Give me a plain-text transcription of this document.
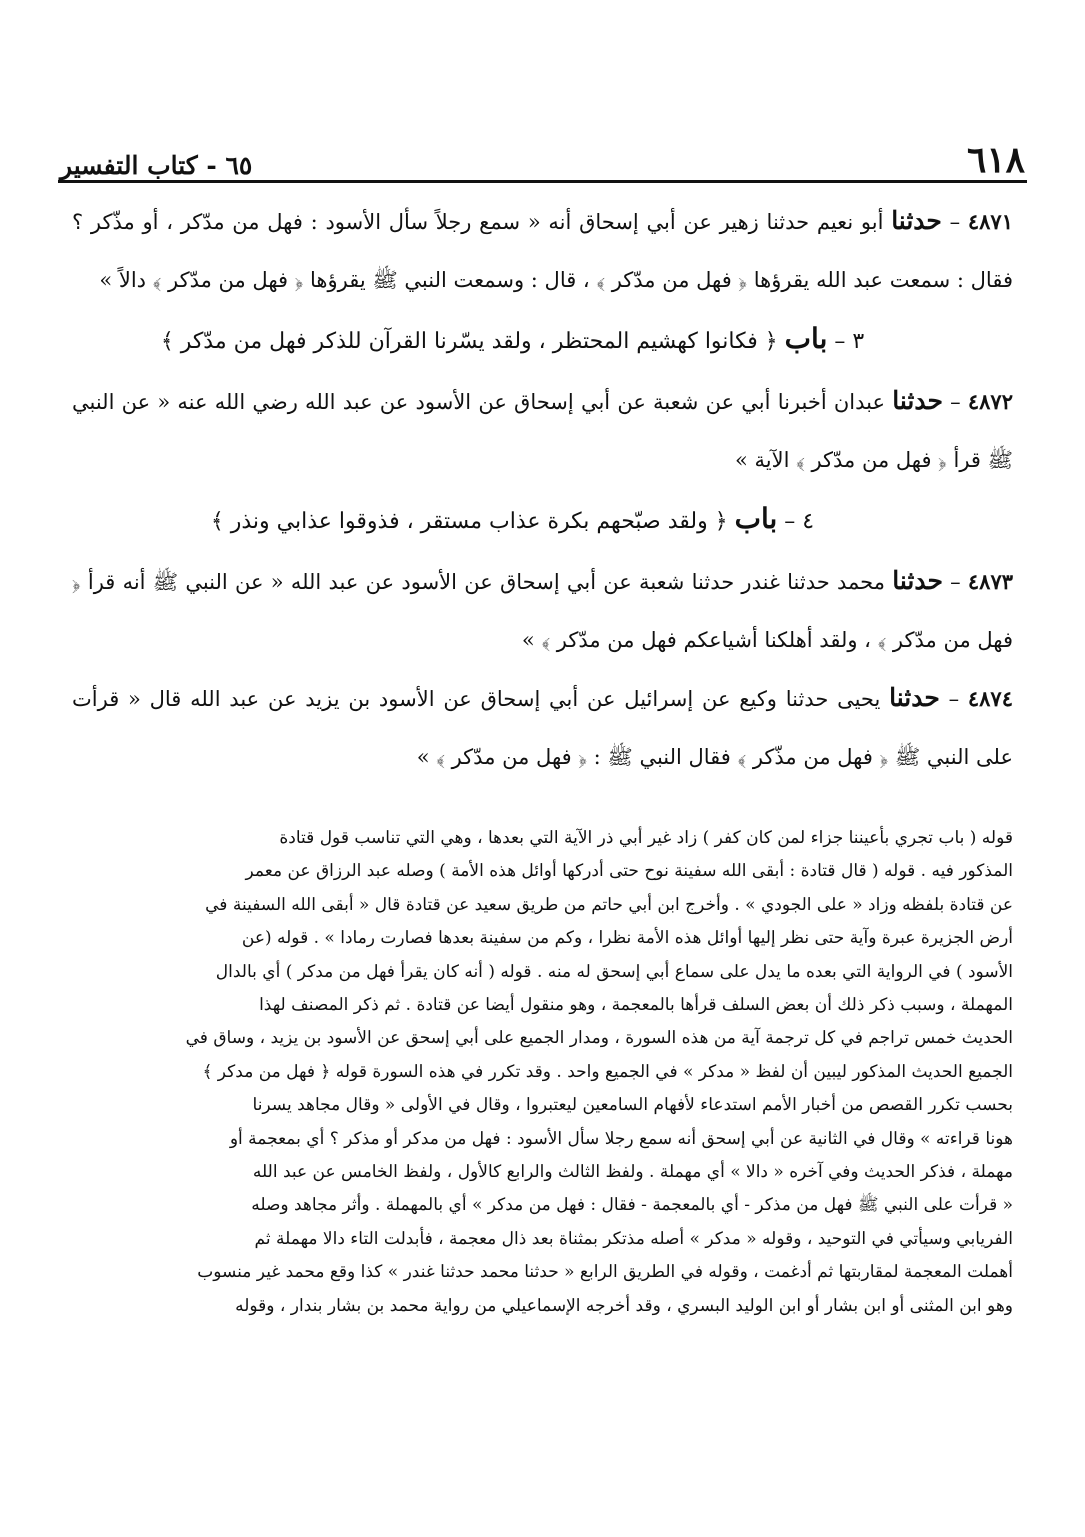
٦١٨
٦٥ - كتاب التفسير

٤٨٧١ – حدثنا أبو نعيم حدثنا زهير عن أبي إسحاق أنه « سمع رجلاً سأل الأسود : فهل من مدّكر ، أو مذّكر ؟ فقال : سمعت عبد الله يقرؤها ﴿ فهل من مدّكر ﴾ ، قال : وسمعت النبي ﷺ يقرؤها ﴿ فهل من مدّكر ﴾ دالاً »

٣ – باب ﴿ فكانوا كهشيم المحتظر ، ولقد يسّرنا القرآن للذكر فهل من مدّكر ﴾

٤٨٧٢ – حدثنا عبدان أخبرنا أبي عن شعبة عن أبي إسحاق عن الأسود عن عبد الله رضي الله عنه « عن النبي ﷺ قرأ ﴿ فهل من مدّكر ﴾ الآية »

٤ – باب ﴿ ولقد صبّحهم بكرة عذاب مستقر ، فذوقوا عذابي ونذر ﴾

٤٨٧٣ – حدثنا محمد حدثنا غندر حدثنا شعبة عن أبي إسحاق عن الأسود عن عبد الله « عن النبي ﷺ أنه قرأ ﴿ فهل من مدّكر ﴾ ، ولقد أهلكنا أشياعكم فهل من مدّكر ﴾ »

٤٨٧٤ – حدثنا يحيى حدثنا وكيع عن إسرائيل عن أبي إسحاق عن الأسود بن يزيد عن عبد الله قال « قرأت على النبي ﷺ ﴿ فهل من مذّكر ﴾ فقال النبي ﷺ : ﴿ فهل من مدّكر ﴾ »

قوله ( باب تجري بأعيننا جزاء لمن كان كفر ) زاد غير أبي ذر الآية التي بعدها ، وهي التي تناسب قول قتادة

المذكور فيه . قوله ( قال قتادة : أبقى الله سفينة نوح حتى أدركها أوائل هذه الأمة ) وصله عبد الرزاق عن معمر

عن قتادة بلفظه وزاد « على الجودي » . وأخرج ابن أبي حاتم من طريق سعيد عن قتادة قال « أبقى الله السفينة في

أرض الجزيرة عبرة وآية حتى نظر إليها أوائل هذه الأمة نظرا ، وكم من سفينة بعدها فصارت رمادا » . قوله (عن

الأسود ) في الرواية التي بعده ما يدل على سماع أبي إسحق له منه . قوله ( أنه كان يقرأ فهل من مدكر ) أي بالدال

المهملة ، وسبب ذكر ذلك أن بعض السلف قرأها بالمعجمة ، وهو منقول أيضا عن قتادة . ثم ذكر المصنف لهذا

الحديث خمس تراجم في كل ترجمة آية من هذه السورة ، ومدار الجميع على أبي إسحق عن الأسود بن يزيد ، وساق في

الجميع الحديث المذكور ليبين أن لفظ « مدكر » في الجميع واحد . وقد تكرر في هذه السورة قوله ﴿ فهل من مدكر ﴾

بحسب تكرر القصص من أخبار الأمم استدعاء لأفهام السامعين ليعتبروا ، وقال في الأولى « وقال مجاهد يسرنا

هونا قراءته » وقال في الثانية عن أبي إسحق أنه سمع رجلا سأل الأسود : فهل من مدكر أو مذكر ؟ أي بمعجمة أو

مهملة ، فذكر الحديث وفي آخره « دالا » أي مهملة . ولفظ الثالث والرابع كالأول ، ولفظ الخامس عن عبد الله

« قرأت على النبي ﷺ فهل من مذكر - أي بالمعجمة - فقال : فهل من مدكر » أي بالمهملة . وأثر مجاهد وصله

الفريابي وسيأتي في التوحيد ، وقوله « مدكر » أصله مذتكر بمثناة بعد ذال معجمة ، فأبدلت التاء دالا مهملة ثم

أهملت المعجمة لمقاربتها ثم أدغمت ، وقوله في الطريق الرابع « حدثنا محمد حدثنا غندر » كذا وقع محمد غير منسوب

وهو ابن المثنى أو ابن بشار أو ابن الوليد البسري ، وقد أخرجه الإسماعيلي من رواية محمد بن بشار بندار ، وقوله
